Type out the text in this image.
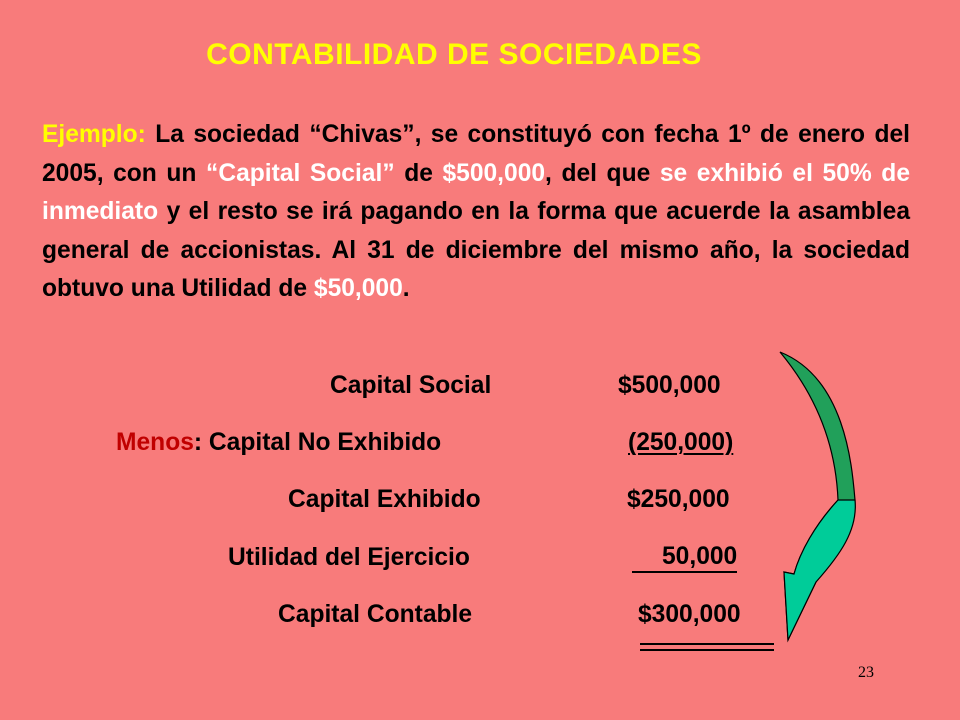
CONTABILIDAD DE SOCIEDADES
Ejemplo: La sociedad “Chivas”, se constituyó con fecha 1º de enero del 2005, con un “Capital Social” de $500,000, del que se exhibió el 50% de inmediato y el resto se irá pagando en la forma que acuerde la asamblea general de accionistas. Al 31 de diciembre del mismo año, la sociedad obtuvo una Utilidad de $50,000.
Capital Social	$500,000
Menos: Capital No Exhibido	(250,000)
Capital Exhibido	$250,000
Utilidad del Ejercicio	50,000
Capital Contable	$300,000
23
